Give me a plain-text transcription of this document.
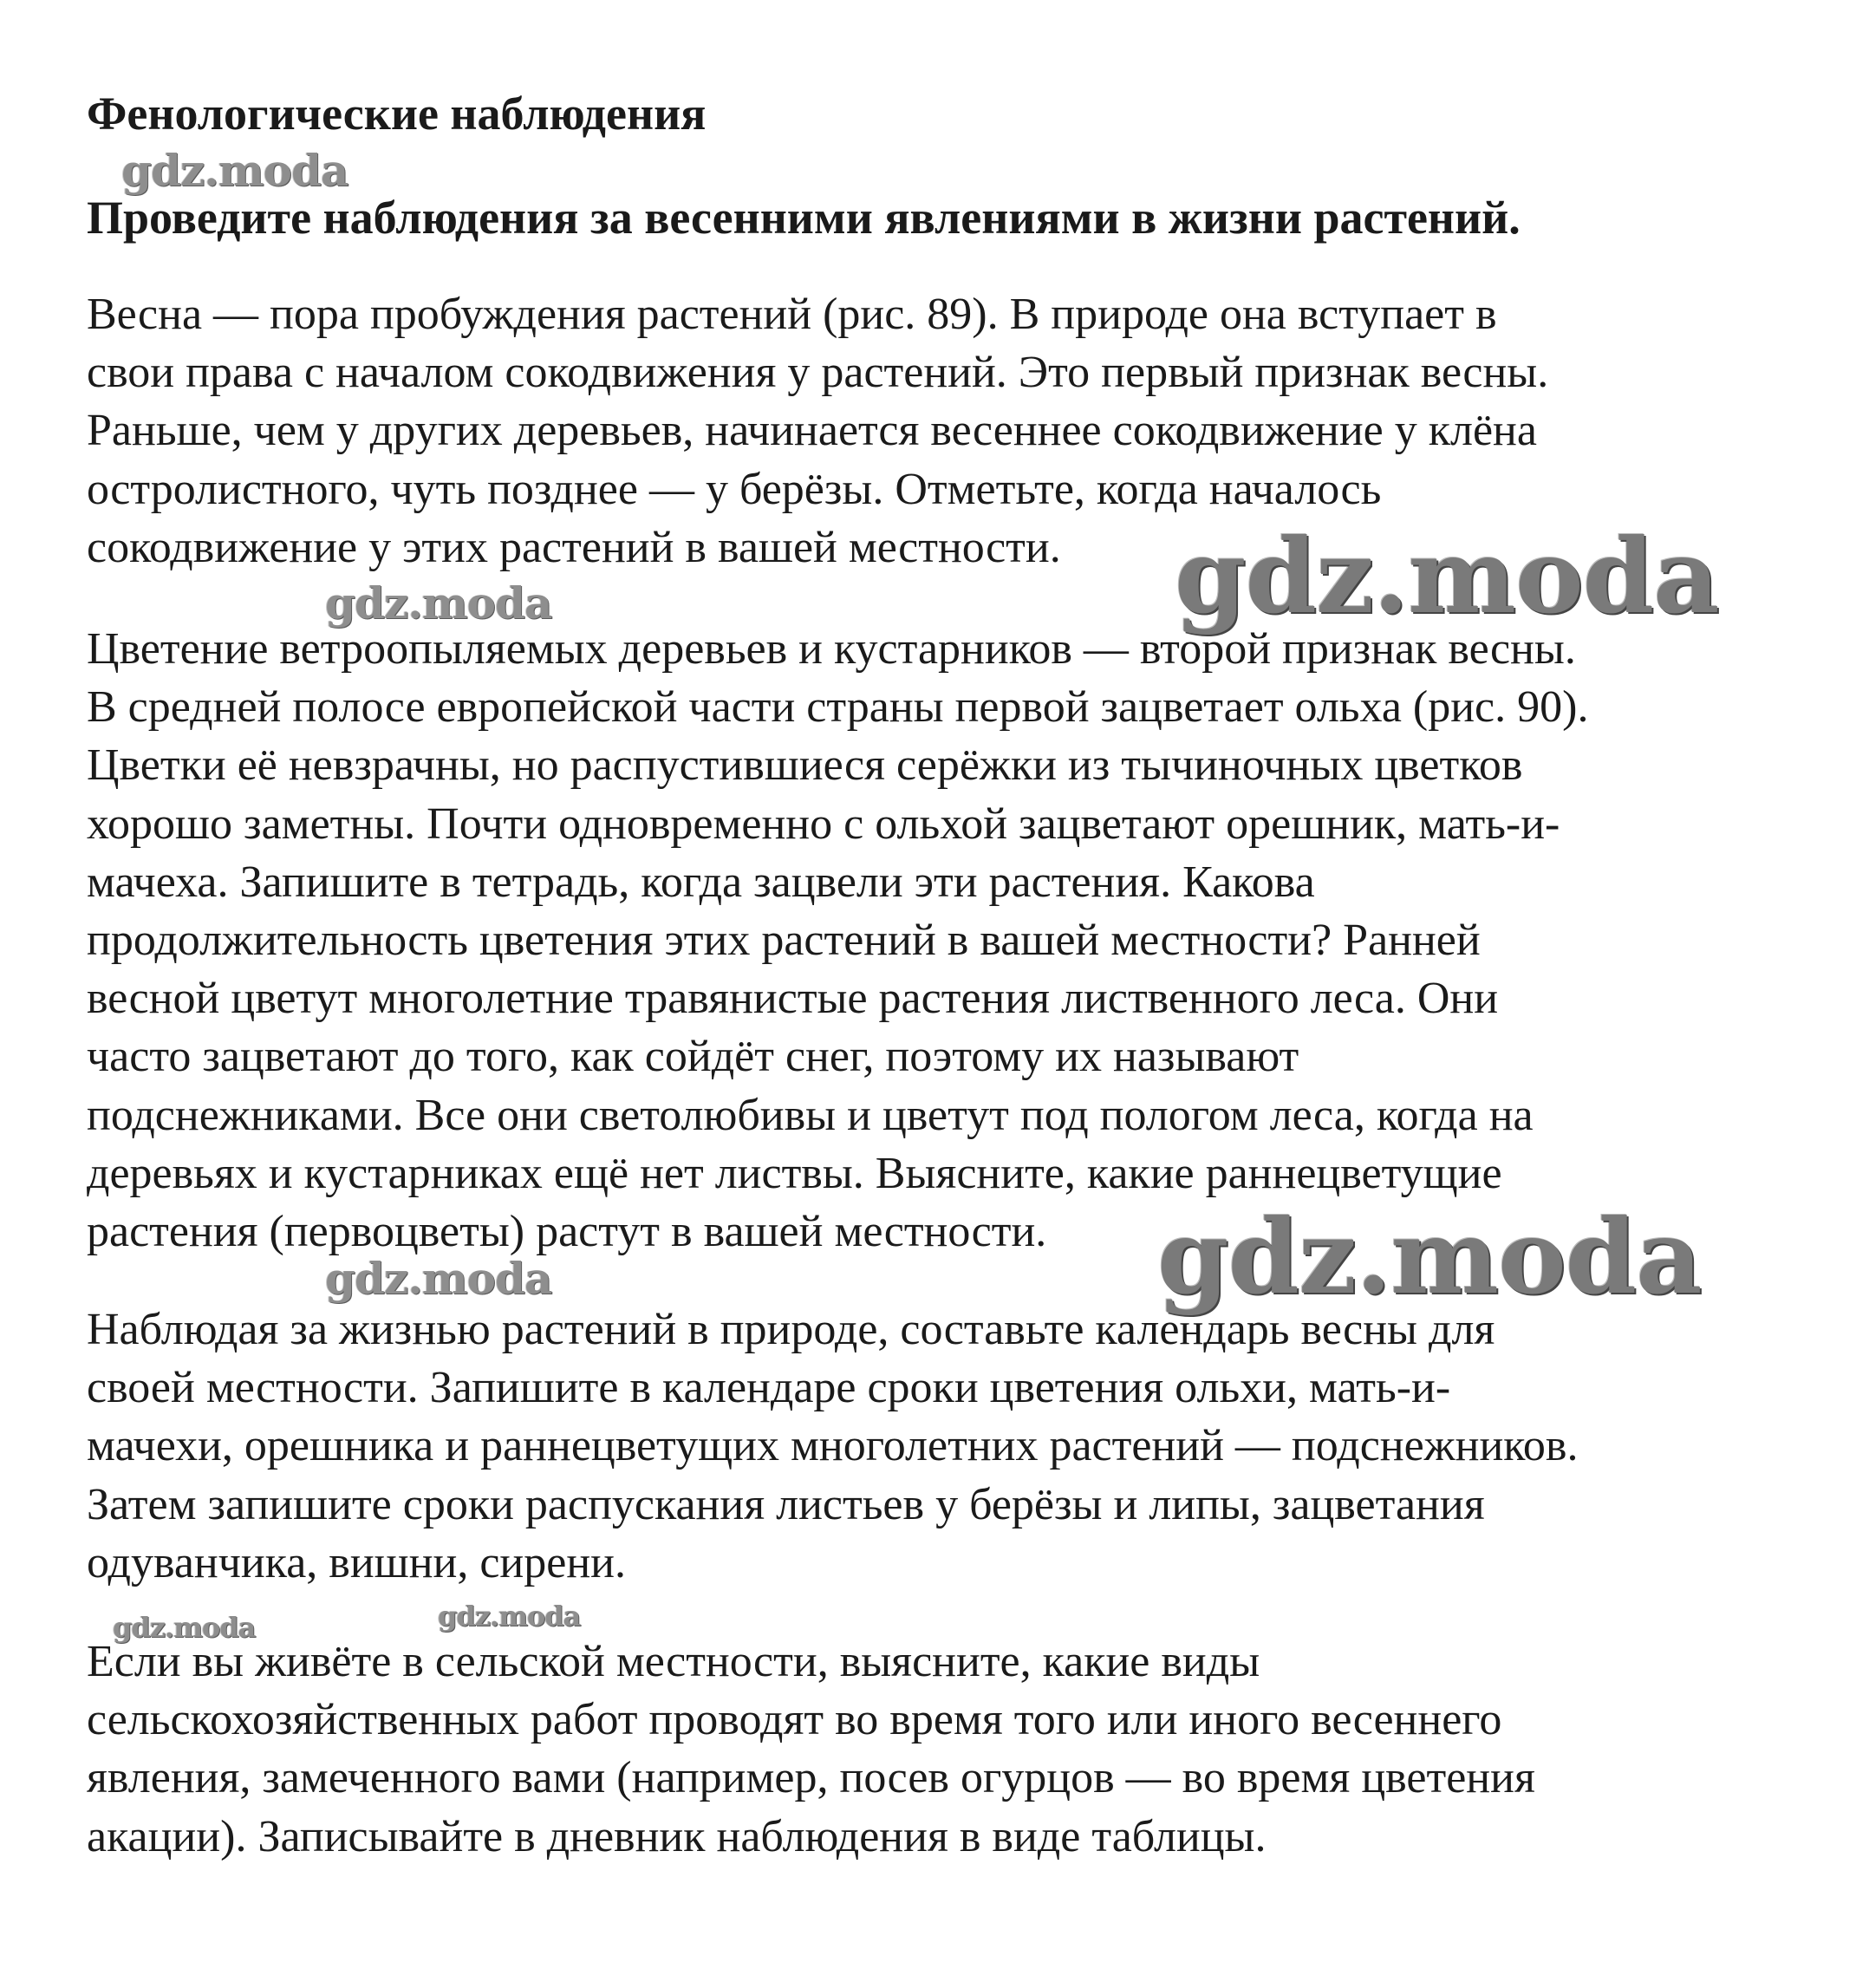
Фенологические наблюдения
Проведите наблюдения за весенними явлениями в жизни растений.

Весна — пора пробуждения растений (рис. 89). В природе она вступает в
свои права с началом сокодвижения у растений. Это первый признак весны.
Раньше, чем у других деревьев, начинается весеннее сокодвижение у клёна
остролистного, чуть позднее — у берёзы. Отметьте, когда началось
сокодвижение у этих растений в вашей местности.

Цветение ветроопыляемых деревьев и кустарников — второй признак весны.
В средней полосе европейской части страны первой зацветает ольха (рис. 90).
Цветки её невзрачны, но распустившиеся серёжки из тычиночных цветков
хорошо заметны. Почти одновременно с ольхой зацветают орешник, мать-и-
мачеха. Запишите в тетрадь, когда зацвели эти растения. Какова
продолжительность цветения этих растений в вашей местности? Ранней
весной цветут многолетние травянистые растения лиственного леса. Они
часто зацветают до того, как сойдёт снег, поэтому их называют
подснежниками. Все они светолюбивы и цветут под пологом леса, когда на
деревьях и кустарниках ещё нет листвы. Выясните, какие раннецветущие
растения (первоцветы) растут в вашей местности.

Наблюдая за жизнью растений в природе, составьте календарь весны для
своей местности. Запишите в календаре сроки цветения ольхи, мать-и-
мачехи, орешника и раннецветущих многолетних растений — подснежников.
Затем запишите сроки распускания листьев у берёзы и липы, зацветания
одуванчика, вишни, сирени.

Если вы живёте в сельской местности, выясните, какие виды
сельскохозяйственных работ проводят во время того или иного весеннего
явления, замеченного вами (например, посев огурцов — во время цветения
акации). Записывайте в дневник наблюдения в виде таблицы.

gdz.moda
gdz.moda
gdz.moda
gdz.moda
gdz.moda
gdz.moda	gdz.moda
